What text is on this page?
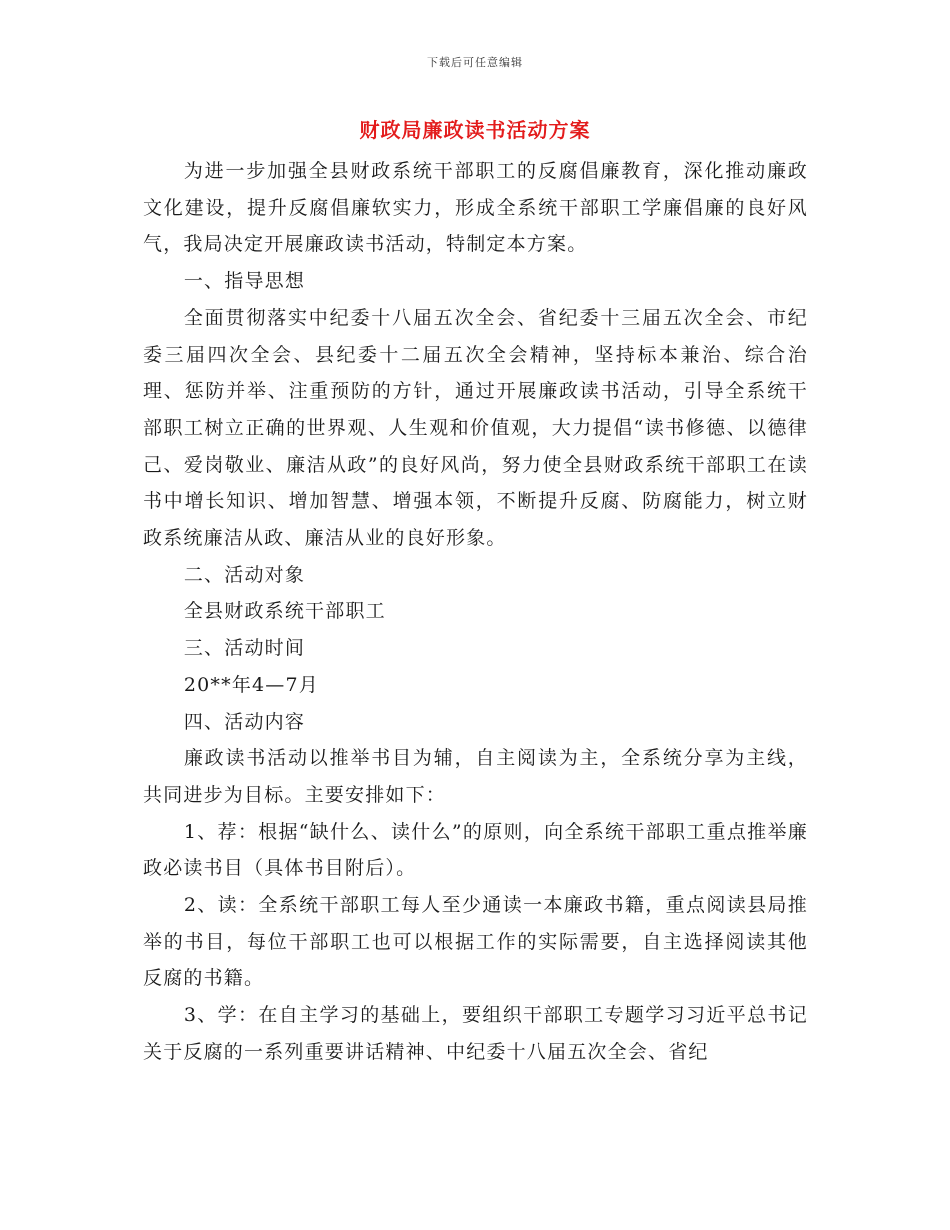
下载后可任意编辑
财政局廉政读书活动方案

为进一步加强全县财政系统干部职工的反腐倡廉教育，深化推动廉政文化建设，提升反腐倡廉软实力，形成全系统干部职工学廉倡廉的良好风气，我局决定开展廉政读书活动，特制定本方案。

一、指导思想

全面贯彻落实中纪委十八届五次全会、省纪委十三届五次全会、市纪委三届四次全会、县纪委十二届五次全会精神，坚持标本兼治、综合治理、惩防并举、注重预防的方针，通过开展廉政读书活动，引导全系统干部职工树立正确的世界观、人生观和价值观，大力提倡“读书修德、以德律己、爱岗敬业、廉洁从政”的良好风尚，努力使全县财政系统干部职工在读书中增长知识、增加智慧、增强本领，不断提升反腐、防腐能力，树立财政系统廉洁从政、廉洁从业的良好形象。

二、活动对象

全县财政系统干部职工

三、活动时间

20**年4—7月

四、活动内容

廉政读书活动以推举书目为辅，自主阅读为主，全系统分享为主线，共同进步为目标。主要安排如下：

1、荐：根据“缺什么、读什么”的原则，向全系统干部职工重点推举廉政必读书目（具体书目附后）。

2、读：全系统干部职工每人至少通读一本廉政书籍，重点阅读县局推举的书目，每位干部职工也可以根据工作的实际需要，自主选择阅读其他反腐的书籍。

3、学：在自主学习的基础上，要组织干部职工专题学习习近平总书记关于反腐的一系列重要讲话精神、中纪委十八届五次全会、省纪
